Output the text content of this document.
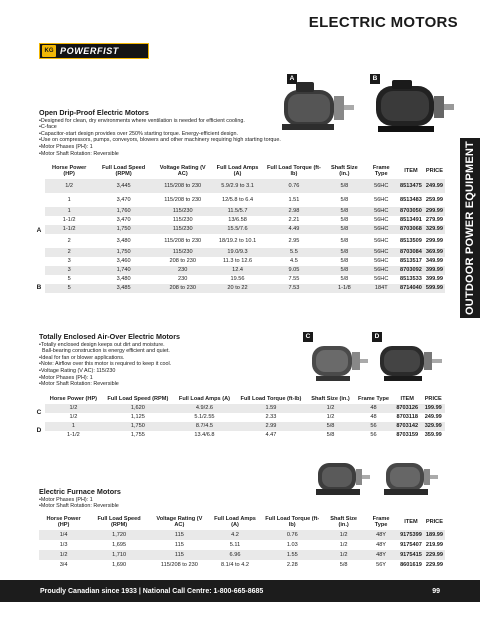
ELECTRIC MOTORS
KG POWERFIST
OUTDOOR POWER EQUIPMENT
A	B
Open Drip-Proof Electric Motors
•Designed for clean, dry environments where ventilation is needed for efficient cooling.
•C-face
•Capacitor-start design provides over 250% starting torque. Energy-efficient design.
•Use on compressors, pumps, conveyors, blowers and other machinery requiring high starting torque.
•Motor Phases (PH): 1
•Motor Shaft Rotation: Reversible
	Horse Power (HP)	Full Load Speed (RPM)	Voltage Rating (V AC)	Full Load Amps (A)	Full Load Torque (ft-lb)	Shaft Size (in.)	Frame Type	ITEM	PRICE
A	1/2	3,445	115/208 to 230	5.9/2.9 to 3.1	0.76	5/8	56HC	8513475	249.99
	1	3,470	115/208 to 230	12/5.8 to 6.4	1.51	5/8	56HC	8513483	259.99
	1	1,760	115/230	11.5/5.7	2.98	5/8	56HC	8703050	299.99
	1-1/2	3,470	115/230	13/6.58	2.21	5/8	56HC	8513491	279.99
	1-1/2	1,750	115/230	15.5/7.6	4.49	5/8	56HC	8703068	329.99
	2	3,480	115/208 to 230	18/19.2 to 10.1	2.95	5/8	56HC	8513509	299.99
	2	1,750	115/230	19.0/9.3	5.5	5/8	56HC	8703084	369.99
	3	3,460	208 to 230	11.3 to 12.6	4.5	5/8	56HC	8513517	349.99
	3	1,740	230	12.4	9.05	5/8	56HC	8703092	399.99
	5	3,480	230	19.56	7.55	5/8	56HC	8513533	399.99
B	5	3,485	208 to 230	20 to 22	7.53	1-1/8	184T	8714040	599.99
C	D
Totally Enclosed Air-Over Electric Motors
•Totally enclosed design keeps out dirt and moisture.
Ball-bearing construction is energy efficient and quiet.
•Ideal for fan or blower applications.
•Note: Airflow over this motor is required to keep it cool.
•Voltage Rating (V AC): 115/230
•Motor Phases (PH): 1
•Motor Shaft Rotation: Reversible
	Horse Power (HP)	Full Load Speed (RPM)	Full Load Amps (A)	Full Load Torque (ft-lb)	Shaft Size (in.)	Frame Type	ITEM	PRICE
C	1/2	1,620	4.9/2.6	1.59	1/2	48	8703126	199.99
	1/2	1,125	5.1/2.55	2.33	1/2	48	8703118	249.99
D	1	1,750	8.7/4.5	2.99	5/8	56	8703142	329.99
	1-1/2	1,755	13.4/6.8	4.47	5/8	56	8703159	359.99
Electric Furnace Motors
•Motor Phases (PH): 1
•Motor Shaft Rotation: Reversible
Horse Power (HP)	Full Load Speed (RPM)	Voltage Rating (V AC)	Full Load Amps (A)	Full Load Torque (ft-lb)	Shaft Size (in.)	Frame Type	ITEM	PRICE
1/4	1,720	115	4.2	0.76	1/2	48Y	9175399	189.99
1/3	1,695	115	5.11	1.03	1/2	48Y	9175407	219.99
1/2	1,710	115	6.96	1.55	1/2	48Y	9175415	229.99
3/4	1,690	115/208 to 230	8.1/4 to 4.2	2.28	5/8	56Y	8601619	229.99
Proudly Canadian since 1933 | National Call Centre: 1-800-665-8685	99
